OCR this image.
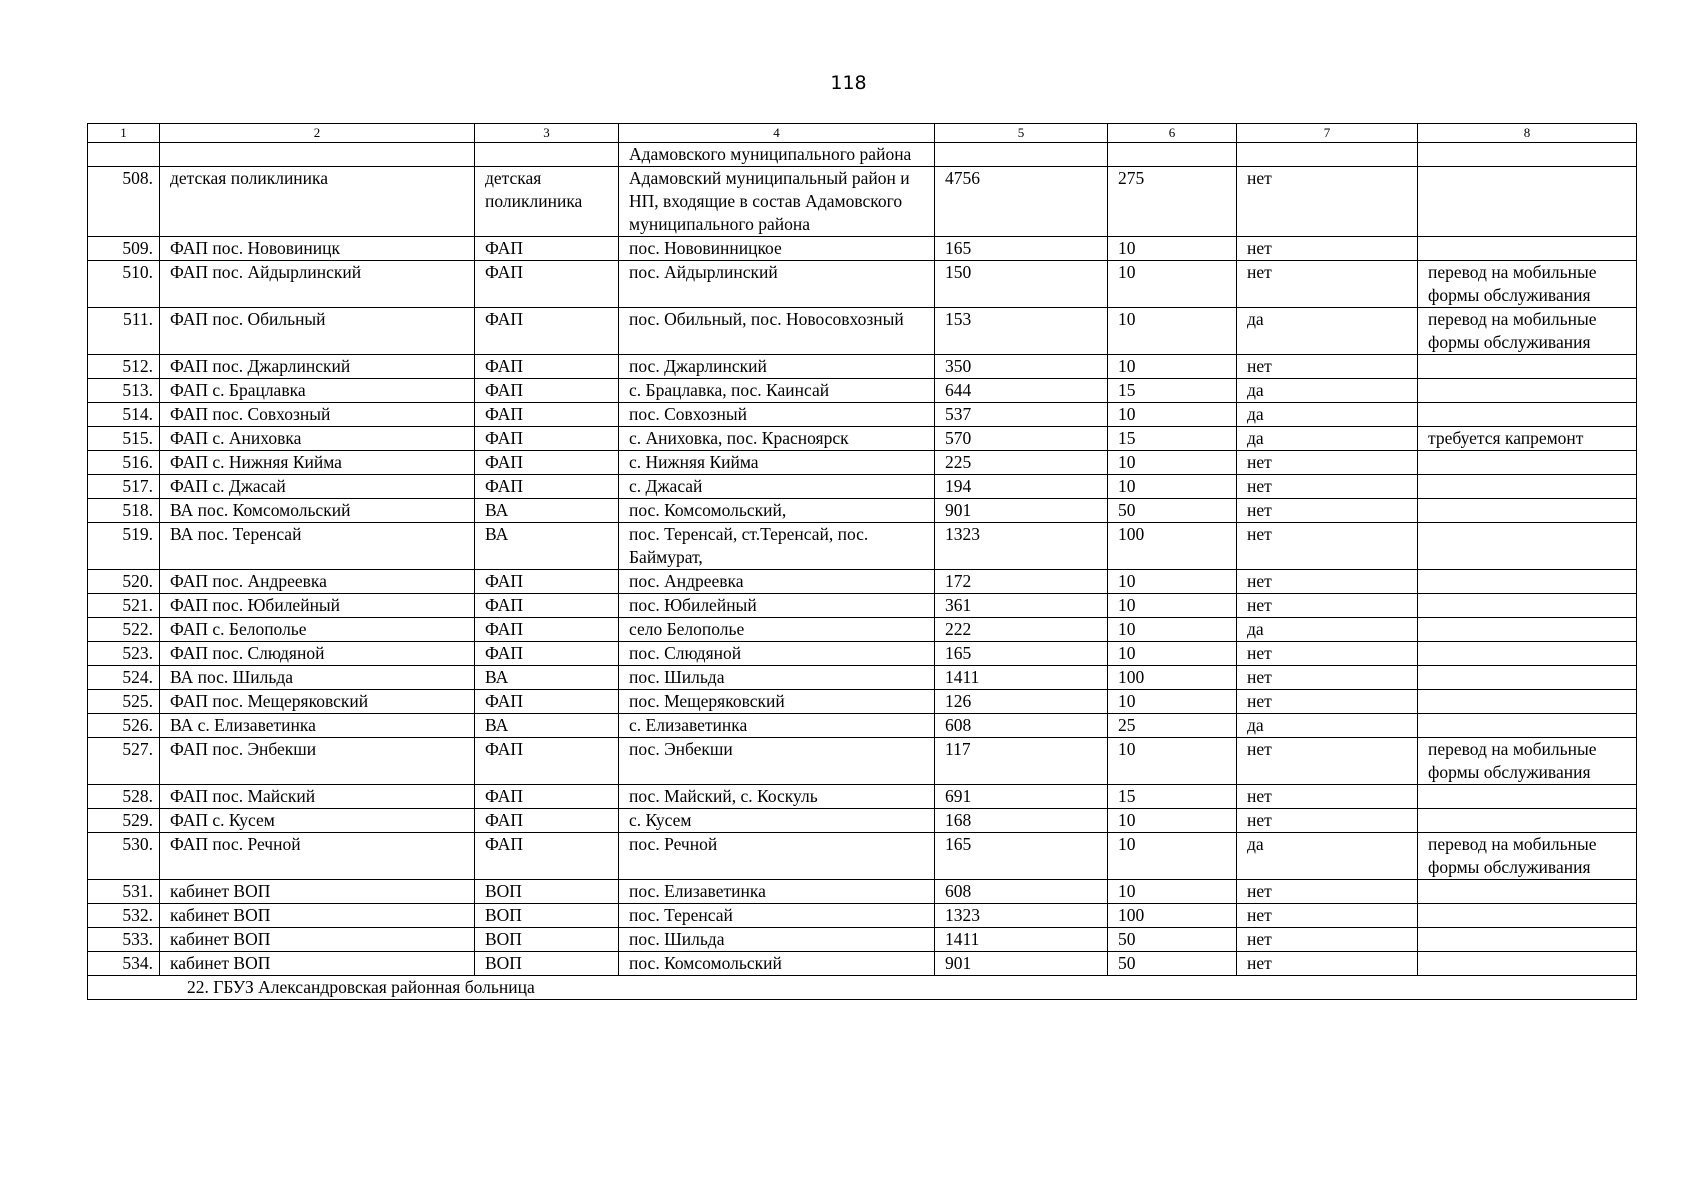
118
1	2	3	4	5	6	7	8
			Адамовского муниципального района				
508.	детская поликлиника	детская поликлиника	Адамовский муниципальный район и НП, входящие в состав Адамовского муниципального района	4756	275	нет	
509.	ФАП пос. Нововиницк	ФАП	пос. Нововинницкое	165	10	нет	
510.	ФАП пос. Айдырлинский	ФАП	пос. Айдырлинский	150	10	нет	перевод на мобильные формы обслуживания
511.	ФАП пос. Обильный	ФАП	пос. Обильный, пос. Новосовхозный	153	10	да	перевод на мобильные формы обслуживания
512.	ФАП пос. Джарлинский	ФАП	пос. Джарлинский	350	10	нет	
513.	ФАП с. Брацлавка	ФАП	с. Брацлавка, пос. Каинсай	644	15	да	
514.	ФАП пос. Совхозный	ФАП	пос. Совхозный	537	10	да	
515.	ФАП с. Аниховка	ФАП	с. Аниховка, пос. Красноярск	570	15	да	требуется капремонт
516.	ФАП с. Нижняя Кийма	ФАП	с. Нижняя Кийма	225	10	нет	
517.	ФАП с. Джасай	ФАП	с. Джасай	194	10	нет	
518.	ВА пос. Комсомольский	ВА	пос. Комсомольский,	901	50	нет	
519.	ВА пос. Теренсай	ВА	пос. Теренсай, ст.Теренсай, пос. Баймурат,	1323	100	нет	
520.	ФАП пос. Андреевка	ФАП	пос. Андреевка	172	10	нет	
521.	ФАП пос. Юбилейный	ФАП	пос. Юбилейный	361	10	нет	
522.	ФАП с. Белополье	ФАП	село Белополье	222	10	да	
523.	ФАП пос. Слюдяной	ФАП	пос. Слюдяной	165	10	нет	
524.	ВА пос. Шильда	ВА	пос. Шильда	1411	100	нет	
525.	ФАП пос. Мещеряковский	ФАП	пос. Мещеряковский	126	10	нет	
526.	ВА с. Елизаветинка	ВА	с. Елизаветинка	608	25	да	
527.	ФАП пос. Энбекши	ФАП	пос. Энбекши	117	10	нет	перевод на мобильные формы обслуживания
528.	ФАП пос. Майский	ФАП	пос. Майский, с. Коскуль	691	15	нет	
529.	ФАП с. Кусем	ФАП	с. Кусем	168	10	нет	
530.	ФАП пос. Речной	ФАП	пос. Речной	165	10	да	перевод на мобильные формы обслуживания
531.	кабинет ВОП	ВОП	пос. Елизаветинка	608	10	нет	
532.	кабинет ВОП	ВОП	пос. Теренсай	1323	100	нет	
533.	кабинет ВОП	ВОП	пос. Шильда	1411	50	нет	
534.	кабинет ВОП	ВОП	пос. Комсомольский	901	50	нет	
22. ГБУЗ Александровская районная больница							
